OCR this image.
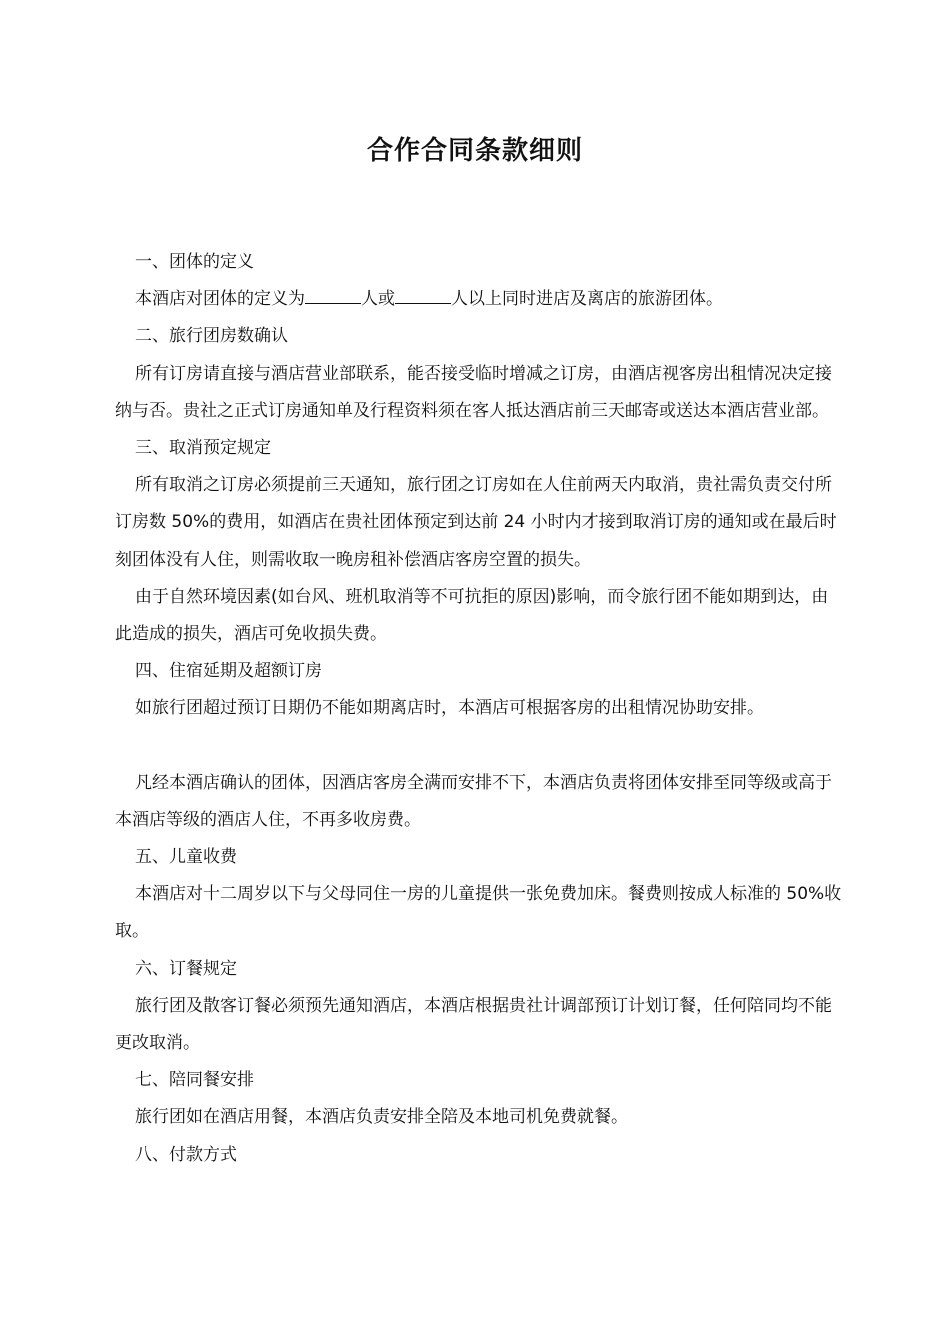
合作合同条款细则

一、团体的定义

本酒店对团体的定义为	人或	人以上同时进店及离店的旅游团体。

二、旅行团房数确认

所有订房请直接与酒店营业部联系，能否接受临时增减之订房，由酒店视客房出租情况决定接纳与否。贵社之正式订房通知单及行程资料须在客人抵达酒店前三天邮寄或送达本酒店营业部。

三、取消预定规定

所有取消之订房必须提前三天通知，旅行团之订房如在人住前两天内取消，贵社需负责交付所订房数 50%的费用，如酒店在贵社团体预定到达前 24 小时内才接到取消订房的通知或在最后时刻团体没有人住，则需收取一晚房租补偿酒店客房空置的损失。

由于自然环境因素(如台风、班机取消等不可抗拒的原因)影响，而令旅行团不能如期到达，由此造成的损失，酒店可免收损失费。

四、住宿延期及超额订房

如旅行团超过预订日期仍不能如期离店时，本酒店可根据客房的出租情况协助安排。

凡经本酒店确认的团体，因酒店客房全满而安排不下，本酒店负责将团体安排至同等级或高于本酒店等级的酒店人住，不再多收房费。

五、儿童收费

本酒店对十二周岁以下与父母同住一房的儿童提供一张免费加床。餐费则按成人标准的 50%收取。

六、订餐规定

旅行团及散客订餐必须预先通知酒店，本酒店根据贵社计调部预订计划订餐，任何陪同均不能更改取消。

七、陪同餐安排

旅行团如在酒店用餐，本酒店负责安排全陪及本地司机免费就餐。

八、付款方式
